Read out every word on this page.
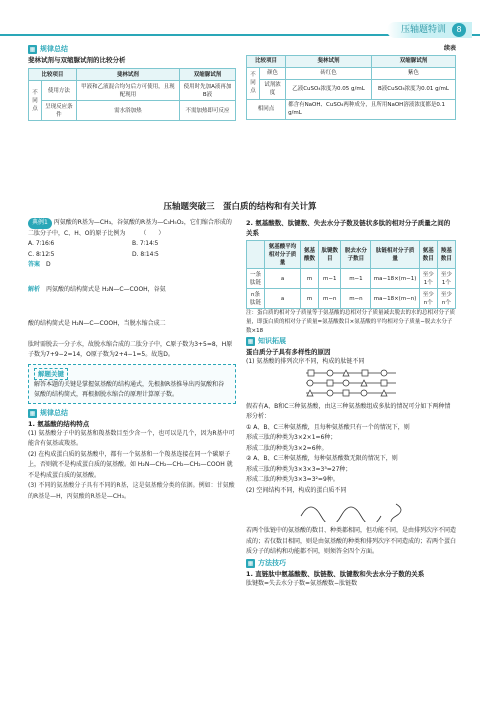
压轴题特训 8
▦ 规律总结
斐林试剂与双缩脲试剂的比较分析
比较项目		斐林试剂	双缩脲试剂
不同点	使用方法	甲液和乙液混合均匀后方可使用，且现配现用	使用时先加A液再加B液
	呈现反应条件	需水浴加热	不需加热即可反应
续表
比较项目		斐林试剂	双缩脲试剂
不同点	颜色	砖红色	紫色
	试剂浓度	乙液CuSO₄浓度为0.05 g/mL	B液CuSO₄浓度为0.01 g/mL
相同点		都含有NaOH、CuSO₄两种成分，且所用NaOH溶液浓度都是0.1 g/mL	
压轴题突破三　蛋白质的结构和有关计算
典例1 丙氨酸的R基为—CH₃，谷氨酸的R基为—C₃H₅O₂，它们缩合形成的二肽分子中，C、H、O的原子比例为　　　（　　）
A. 7∶16∶6	B. 7∶14∶5
C. 8∶12∶5	D. 8∶14∶5
答案　 D
解析　 丙氨酸的结构简式是 H₂N—C—COOH，谷氨
酸的结构简式是 H₂N—C—COOH，当脱水缩合成二
肽时需脱去一分子水，故脱水缩合成的二肽分子中，C原子数为3+5=8，H原子数为7+9−2=14，O原子数为2+4−1=5。故选D。
解题关键
解答本题的关键是掌握氨基酸的结构通式，先根据R基推导出丙氨酸和谷氨酸的结构简式，再根据脱水缩合的原理计算原子数。
▦ 规律总结
1. 氨基酸的结构特点
(1) 氨基酸分子中的氨基和羧基数目至少含一个，也可以是几个，因为R基中可能含有氨基或羧基。
(2) 在构成蛋白质的氨基酸中，都有一个氨基和一个羧基连接在同一个碳原子上，否则就不是构成蛋白质的氨基酸。如 H₂N—CH₂—CH₂—CH₂—COOH 就不是构成蛋白质的氨基酸。
(3) 不同的氨基酸分子具有不同的R基，这是氨基酸分类的依据。例如：甘氨酸的R基是—H，丙氨酸的R基是—CH₃。
2. 氨基酸数、肽键数、失去水分子数及链状多肽的相对分子质量之间的关系
	氨基酸平均相对分子质量	氨基酸数	肽键数目	脱去水分子数目	肽链相对分子质量	氨基数目	羧基数目
一条肽链	a	m	m−1	m−1	ma−18×(m−1)	至少1个	至少1个
n条肽链	a	m	m−n	m−n	ma−18×(m−n)	至少n个	至少n个
注：蛋白质的相对分子质量等于氨基酸的总相对分子质量减去脱去的水的总相对分子质量，即蛋白质的相对分子质量=氨基酸数目×氨基酸的平均相对分子质量−脱去水分子数×18
▦ 知识拓展
蛋白质分子具有多样性的原因
(1) 氨基酸的排列次序不同，构成的肽链不同
假若有A、B和C三种氨基酸，由这三种氨基酸组成多肽的情况可分如下两种情形分析：
① A、B、C三种氨基酸，且每种氨基酸只有一个的情况下，则
形成三肽的种类为3×2×1=6种；
形成二肽的种类为3×2=6种。
② A、B、C三种氨基酸，每种氨基酸数无限的情况下，则
形成三肽的种类为3×3×3=3³=27种；
形成二肽的种类为3×3=3²=9种。
(2) 空间结构不同，构成的蛋白质不同
若两个肽链中的氨基酸的数目、种类都相同，但功能不同，是由排列次序不同造成的；若仅数目相同，则是由氨基酸的种类和排列次序不同造成的；若两个蛋白质分子的结构和功能都不同，则须答全四个方面。
▦ 方法技巧
1. 直链肽中氨基酸数、肽链数、肽键数和失去水分子数的关系
肽键数=失去水分子数=氨基酸数−肽链数
